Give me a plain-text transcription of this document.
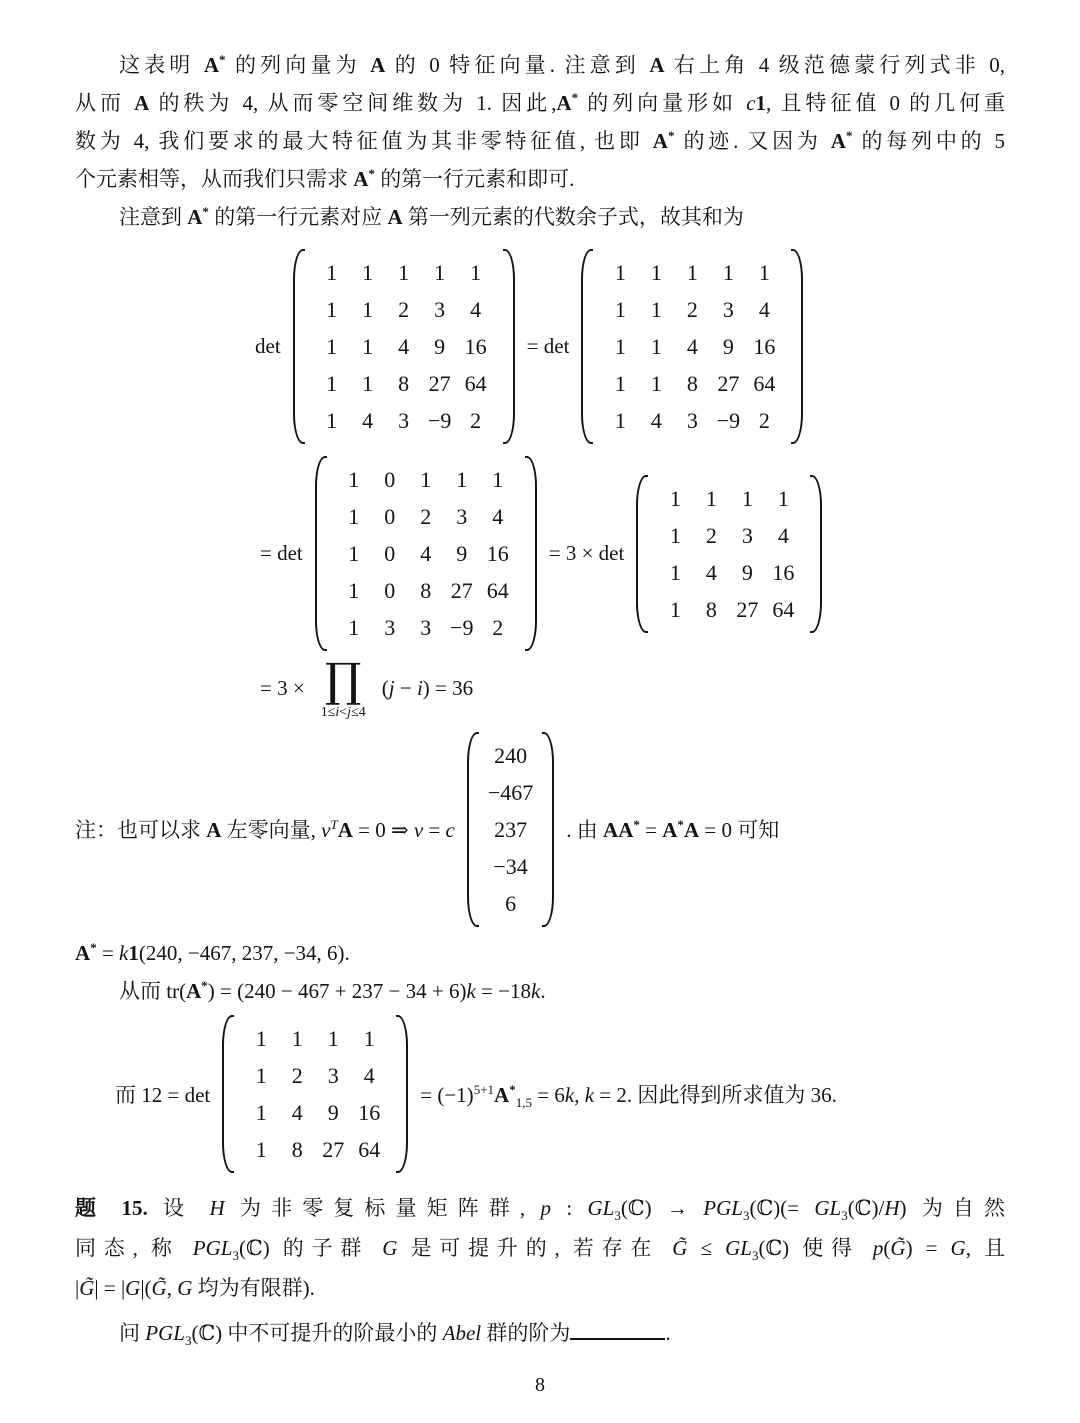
这表明 A* 的列向量为 A 的 0 特征向量. 注意到 A 右上角 4 级范德蒙行列式非 0,
从而 A 的秩为 4, 从而零空间维数为 1. 因此,A* 的列向量形如 c1, 且特征值 0 的几何重
数为 4, 我们要求的最大特征值为其非零特征值, 也即 A* 的迹. 又因为 A* 的每列中的 5
个元素相等，从而我们只需求 A* 的第一行元素和即可.
注意到 A* 的第一行元素对应 A 第一列元素的代数余子式，故其和为
det
1	1	1	1	1
1	1	2	3	4
1	1	4	9 16
1	1	8 27 64
1	4	3 −9 2
= det
1	1	1	1	1
1	1	2	3	4
1	1	4	9 16
1	1	8 27 64
1	4	3 −9 2
= det
1	0	1	1	1
1	0	2	3	4
1	0	4	9 16
1	0	8 27 64
1	3	3 −9 2
= 3 × det
1	1	1	1
1	2	3	4
1	4	9 16
1	8 27 64
= 3 × ∏
1≤i<j≤4
(j − i) = 36
注：也可以求 A 左零向量, $v^TA = 0$ ⇒ v = c
240
−467
237
−34
6
. 由 AA* = A*A = 0 可知
A* = k1(240, −467, 237, −34, 6).
从而 tr(A*) = (240 − 467 + 237 − 34 + 6)k = −18k.
而 12 = det
1	1	1	1
1	2	3	4
1	4	9 16
1	8 27 64
= $(-1)^{5+1}A^*_{1,5} = 6k$, k = 2. 因此得到所求值为 36.
题 15. 设 H 为非零复标量矩阵群, p : $GL_3(ℂ)$ → $PGL_3(ℂ)(=$ $GL_3(ℂ)/H$) 为自然
同态, 称 $PGL_3(ℂ)$ 的子群 G 是可提升的, 若存在 G̃ ≤ $GL_3(ℂ)$ 使得 p(G̃) = G, 且
|G̃| = |G|(G̃, G 均为有限群).
问 $PGL_3(ℂ)$ 中不可提升的阶最小的 Abel 群的阶为	.
8
